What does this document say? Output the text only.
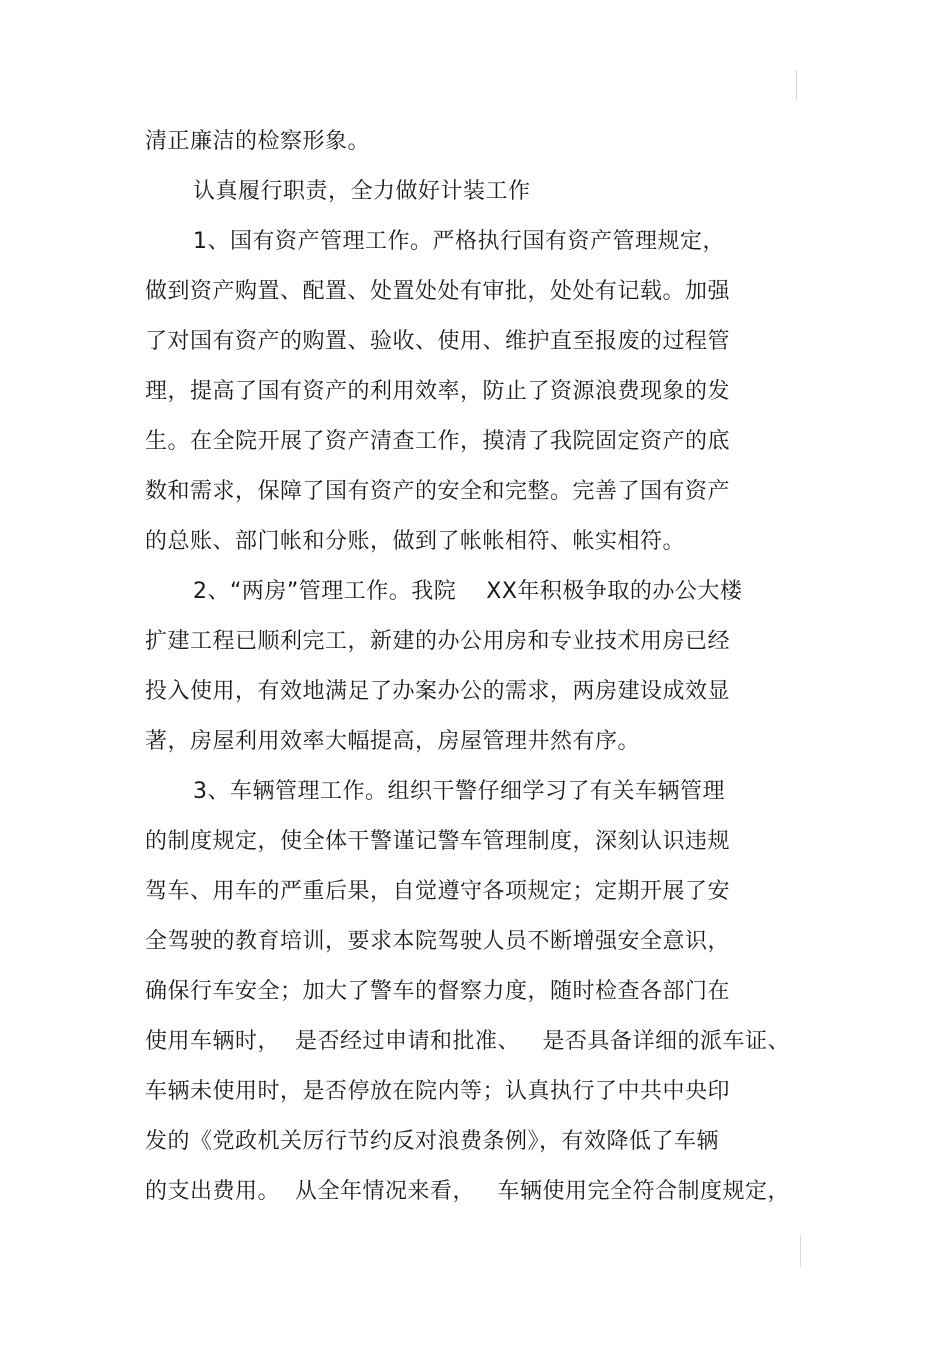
清正廉洁的检察形象。
认真履行职责，全力做好计装工作
1、国有资产管理工作。严格执行国有资产管理规定，
做到资产购置、配置、处置处处有审批，处处有记载。加强
了对国有资产的购置、验收、使用、维护直至报废的过程管
理，提高了国有资产的利用效率，防止了资源浪费现象的发
生。在全院开展了资产清查工作，摸清了我院固定资产的底
数和需求，保障了国有资产的安全和完整。完善了国有资产
的总账、部门帐和分账，做到了帐帐相符、帐实相符。
2、“两房”管理工作。我院    XX年积极争取的办公大楼
扩建工程已顺利完工，新建的办公用房和专业技术用房已经
投入使用，有效地满足了办案办公的需求，两房建设成效显
著，房屋利用效率大幅提高，房屋管理井然有序。
3、车辆管理工作。组织干警仔细学习了有关车辆管理
的制度规定，使全体干警谨记警车管理制度，深刻认识违规
驾车、用车的严重后果，自觉遵守各项规定；定期开展了安
全驾驶的教育培训，要求本院驾驶人员不断增强安全意识，
确保行车安全；加大了警车的督察力度，随时检查各部门在
使用车辆时，  是否经过申请和批准、   是否具备详细的派车证、
车辆未使用时，是否停放在院内等；认真执行了中共中央印
发的《党政机关厉行节约反对浪费条例》，有效降低了车辆
的支出费用。  从全年情况来看，   车辆使用完全符合制度规定，
